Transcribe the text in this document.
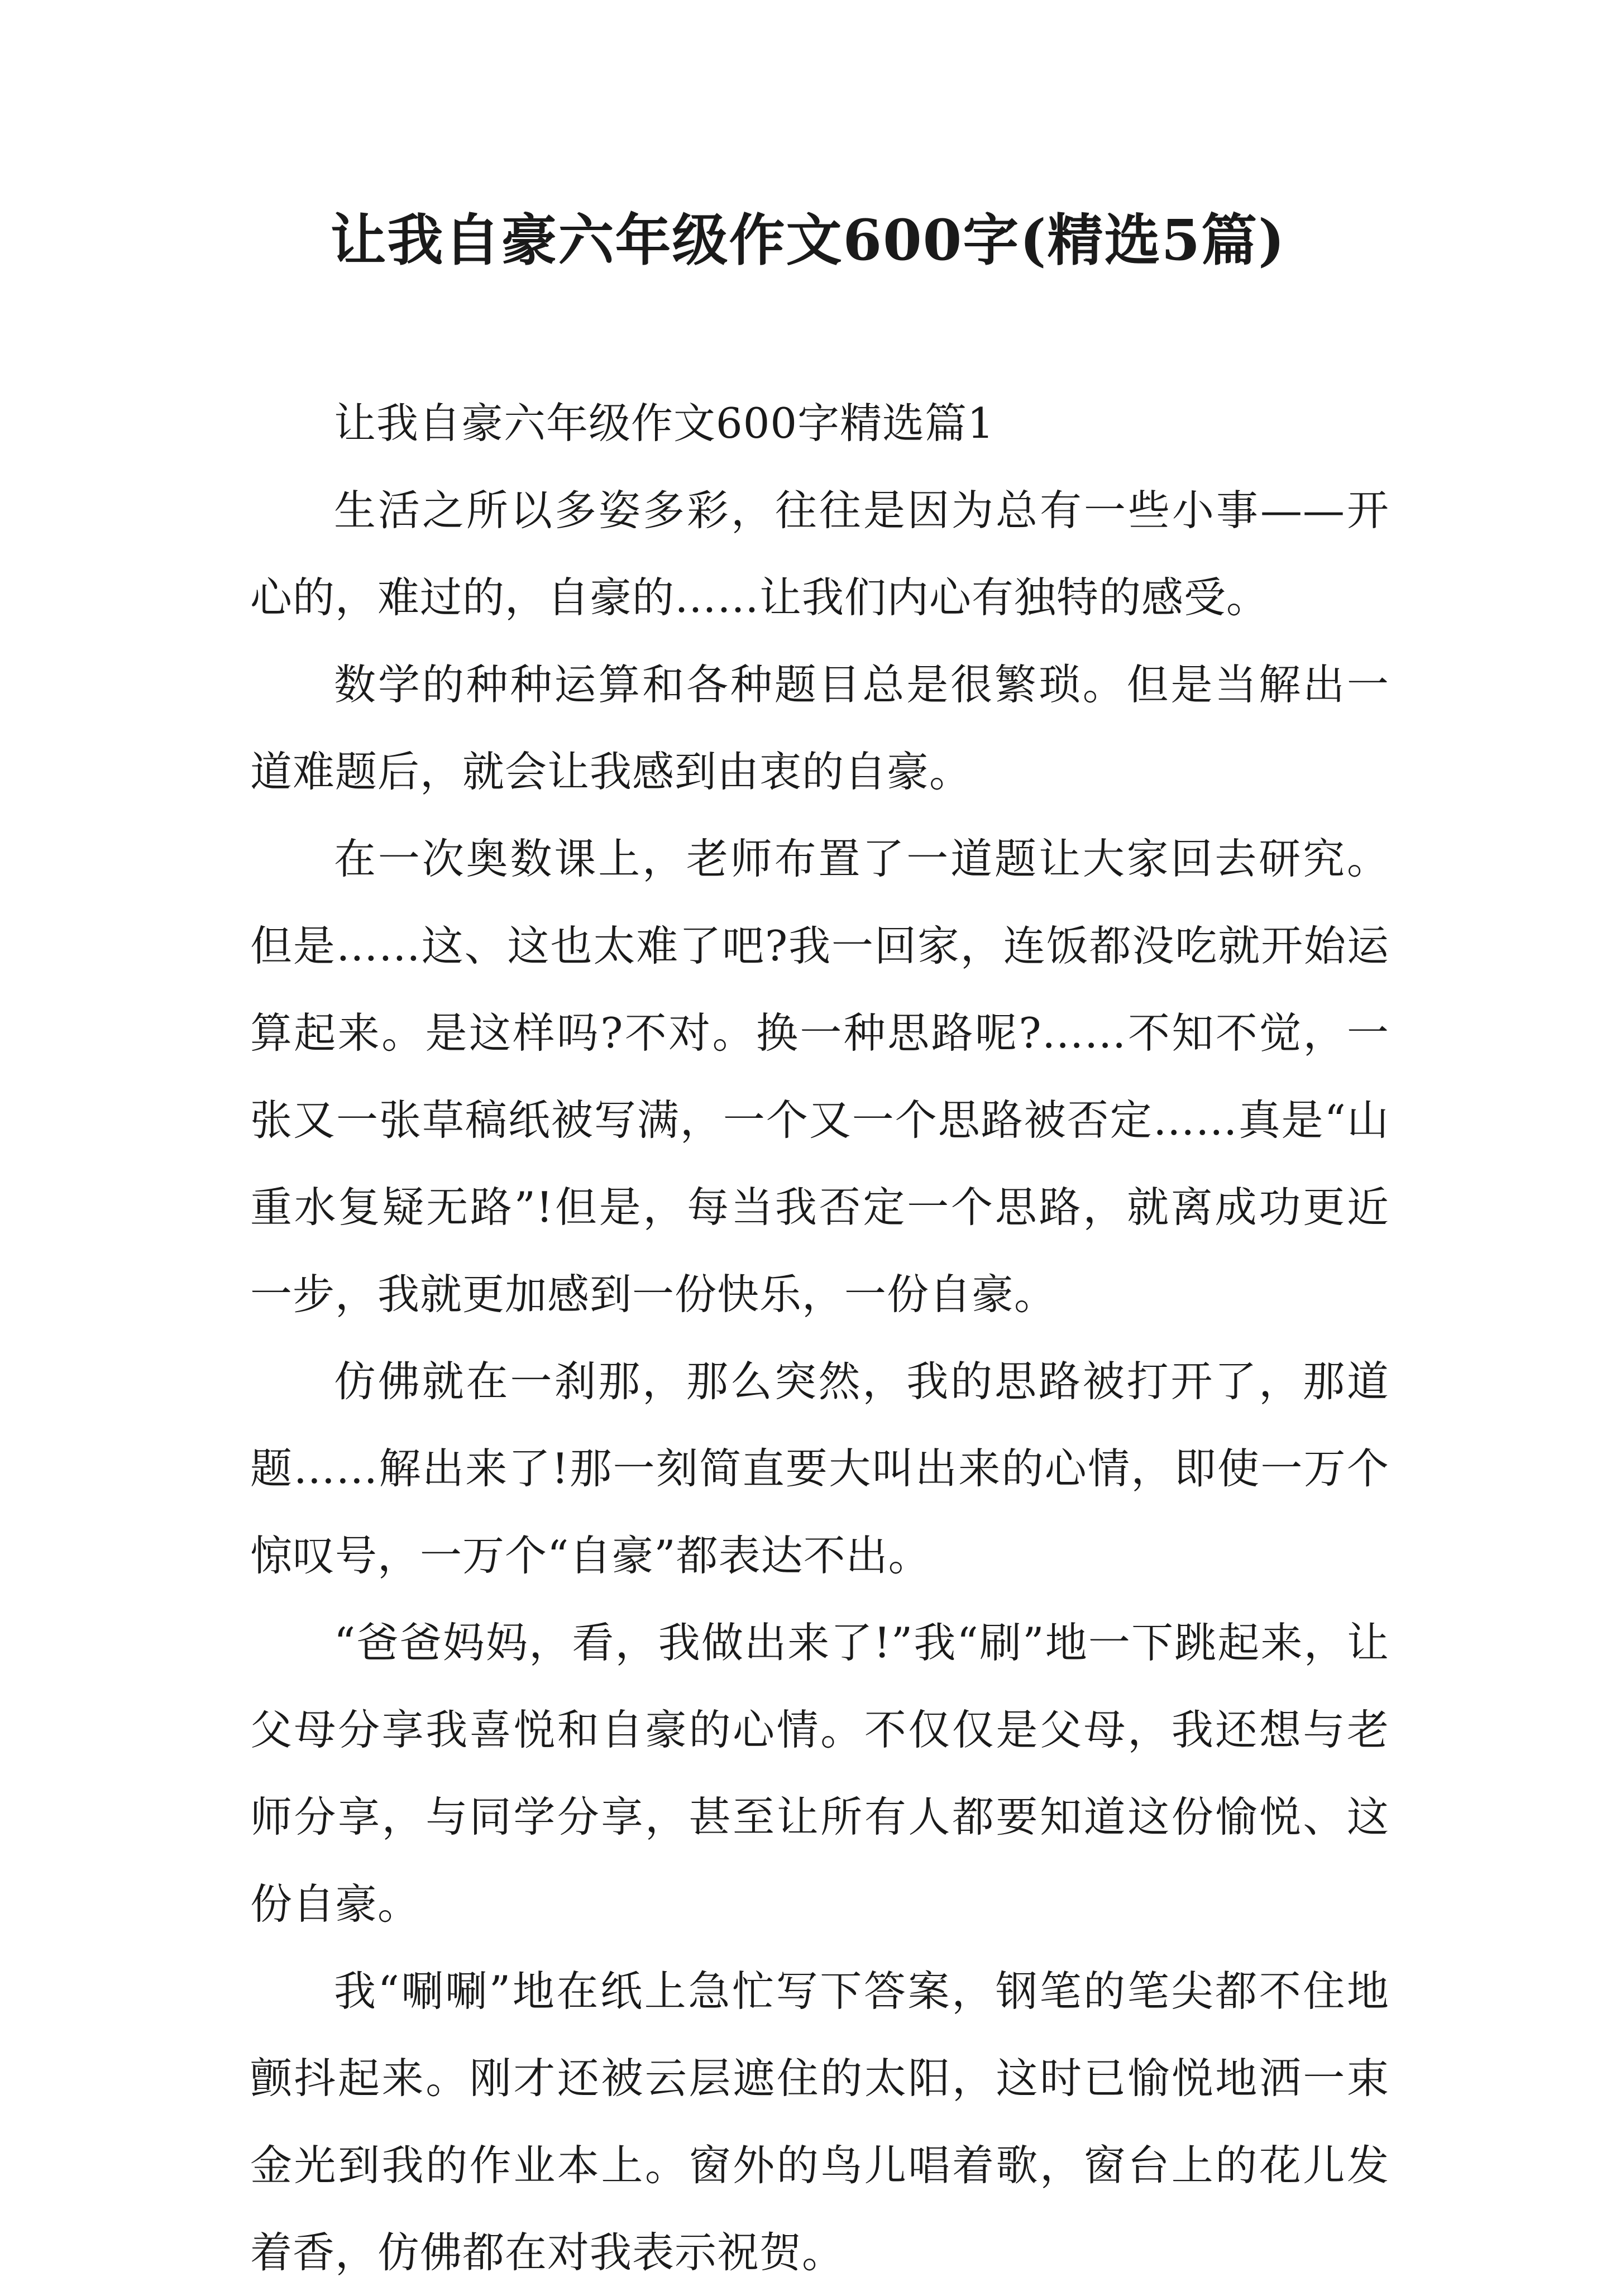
让我自豪六年级作文600字(精选5篇)

让我自豪六年级作文600字精选篇1

生活之所以多姿多彩，往往是因为总有一些小事——开心的，难过的，自豪的……让我们内心有独特的感受。

数学的种种运算和各种题目总是很繁琐。但是当解出一道难题后，就会让我感到由衷的自豪。

在一次奥数课上，老师布置了一道题让大家回去研究。但是……这、这也太难了吧?我一回家，连饭都没吃就开始运算起来。是这样吗?不对。换一种思路呢?……不知不觉，一张又一张草稿纸被写满，一个又一个思路被否定……真是“山重水复疑无路”!但是，每当我否定一个思路，就离成功更近一步，我就更加感到一份快乐，一份自豪。

仿佛就在一刹那，那么突然，我的思路被打开了，那道题……解出来了!那一刻简直要大叫出来的心情，即使一万个惊叹号，一万个“自豪”都表达不出。

“爸爸妈妈，看，我做出来了!”我“刷”地一下跳起来，让父母分享我喜悦和自豪的心情。不仅仅是父母，我还想与老师分享，与同学分享，甚至让所有人都要知道这份愉悦、这份自豪。

我“唰唰”地在纸上急忙写下答案，钢笔的笔尖都不住地颤抖起来。刚才还被云层遮住的太阳，这时已愉悦地洒一束金光到我的作业本上。窗外的鸟儿唱着歌，窗台上的花儿发着香，仿佛都在对我表示祝贺。
